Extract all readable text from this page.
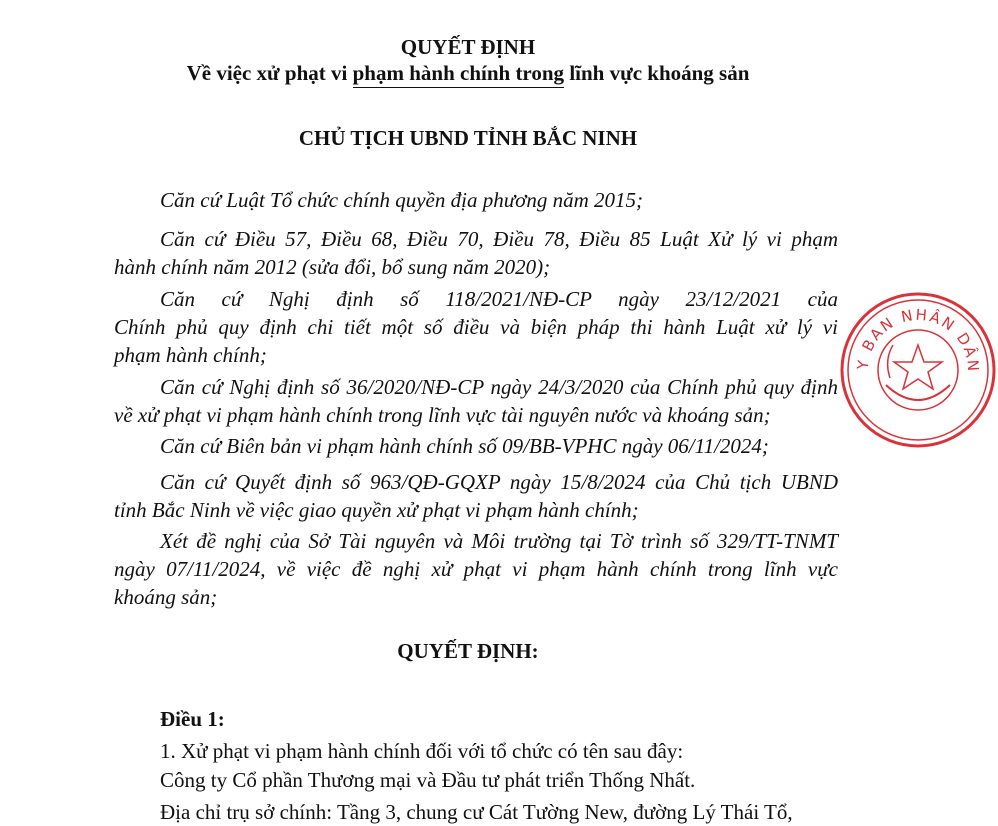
QUYẾT ĐỊNH
Về việc xử phạt vi phạm hành chính trong lĩnh vực khoáng sản
CHỦ TỊCH UBND TỈNH BẮC NINH
Căn cứ Luật Tổ chức chính quyền địa phương năm 2015;
Căn cứ Điều 57, Điều 68, Điều 70, Điều 78, Điều 85 Luật Xử lý vi phạm
hành chính năm 2012 (sửa đổi, bổ sung năm 2020);
Căn cứ Nghị định số 118/2021/NĐ-CP ngày 23/12/2021 của
Chính phủ quy định chi tiết một số điều và biện pháp thi hành Luật xử lý vi
phạm hành chính;
Căn cứ Nghị định số 36/2020/NĐ-CP ngày 24/3/2020 của Chính phủ quy định
về xử phạt vi phạm hành chính trong lĩnh vực tài nguyên nước và khoáng sản;
Căn cứ Biên bản vi phạm hành chính số 09/BB-VPHC ngày 06/11/2024;
Căn cứ Quyết định số 963/QĐ-GQXP ngày 15/8/2024 của Chủ tịch UBND
tỉnh Bắc Ninh về việc giao quyền xử phạt vi phạm hành chính;
Xét đề nghị của Sở Tài nguyên và Môi trường tại Tờ trình số 329/TT-TNMT
ngày 07/11/2024, về việc đề nghị xử phạt vi phạm hành chính trong lĩnh vực
khoáng sản;
QUYẾT ĐỊNH:
Điều 1:
1. Xử phạt vi phạm hành chính đối với tổ chức có tên sau đây:
Công ty Cổ phần Thương mại và Đầu tư phát triển Thống Nhất.
Địa chỉ trụ sở chính: Tầng 3, chung cư Cát Tường New, đường Lý Thái Tổ,
Y BAN NHÂN DÂN
